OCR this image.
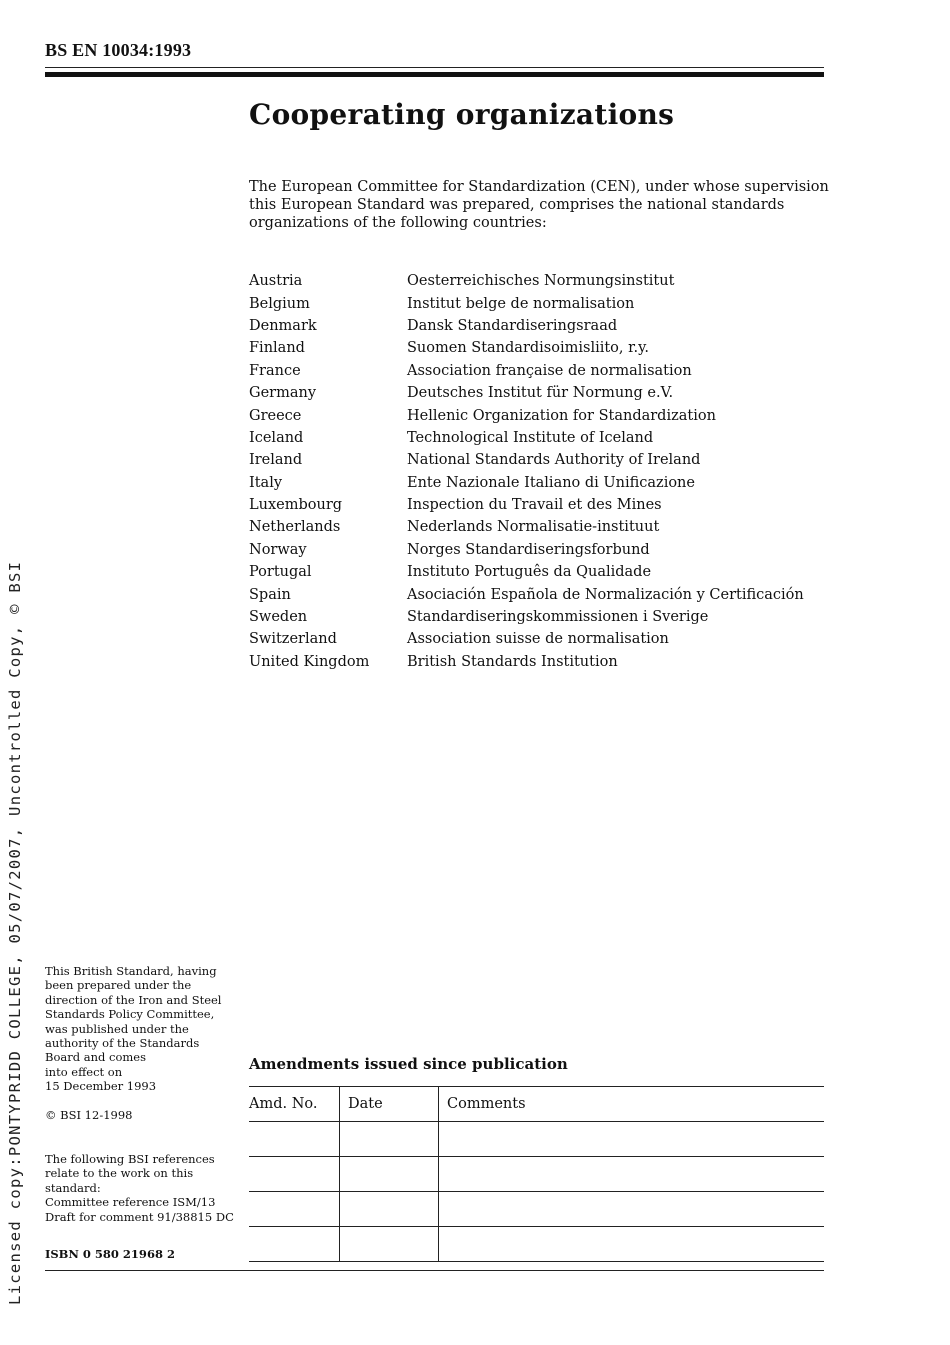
BS EN 10034:1993
Cooperating organizations

The European Committee for Standardization (CEN), under whose supervision this European Standard was prepared, comprises the national standards organizations of the following countries:

Austria	Oesterreichisches Normungsinstitut
Belgium	Institut belge de normalisation
Denmark	Dansk Standardiseringsraad
Finland	Suomen Standardisoimisliito, r.y.
France	Association française de normalisation
Germany	Deutsches Institut für Normung e.V.
Greece	Hellenic Organization for Standardization
Iceland	Technological Institute of Iceland
Ireland	National Standards Authority of Ireland
Italy	Ente Nazionale Italiano di Unificazione
Luxembourg	Inspection du Travail et des Mines
Netherlands	Nederlands Normalisatie-instituut
Norway	Norges Standardiseringsforbund
Portugal	Instituto Português da Qualidade
Spain	Asociación Española de Normalización y Certificación
Sweden	Standardiseringskommissionen i Sverige
Switzerland	Association suisse de normalisation
United Kingdom	British Standards Institution
Licensed copy:PONTYPRIDD COLLEGE, 05/07/2007, Uncontrolled Copy, © BSI This British Standard, having
been prepared under the
direction of the Iron and Steel
Standards Policy Committee,
was published under the
authority of the Standards
Board and comes
into effect on
15 December 1993

© BSI 12-1998

The following BSI references
relate to the work on this
standard:
Committee reference ISM/13
Draft for comment 91/38815 DC

ISBN 0 580 21968 2
Amendments issued since publication
Amd. No.	Date	Comments
